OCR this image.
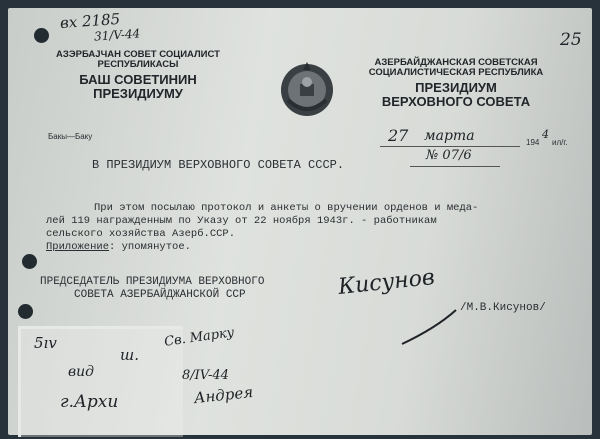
25
вх 2185
31/V-44
АЗЭРБАЈЧАН СОВЕТ СОЦИАЛИСТ
РЕСПУБЛИКАСЫ
БАШ СОВЕТИНИН
ПРЕЗИДИУМУ
АЗЕРБАЙДЖАНСКАЯ СОВЕТСКАЯ
СОЦИАЛИСТИЧЕСКАЯ РЕСПУБЛИКА
ПРЕЗИДИУМ
ВЕРХОВНОГО СОВЕТА
Бакы—Баку	27 марта	194
4
ил/г.
№ 07/6
В ПРЕЗИДИУМ ВЕРХОВНОГО СОВЕТА СССР.
При этом посылаю протокол и анкеты о вручении орденов и меда-
лей 119 награжденным по Указу от 22 ноября 1943г. - работникам
сельского хозяйства Азерб.ССР.
Приложение: упомянутое.
ПРЕДСЕДАТЕЛЬ ПРЕЗИДИУМА ВЕРХОВНОГО
СОВЕТА АЗЕРБАЙДЖАНСКОЙ ССР	Кисунов
/М.В.Кисунов/
5ıv
ш.
вид
г.Архи
Св. Марку
8/IV-44
Андрея
